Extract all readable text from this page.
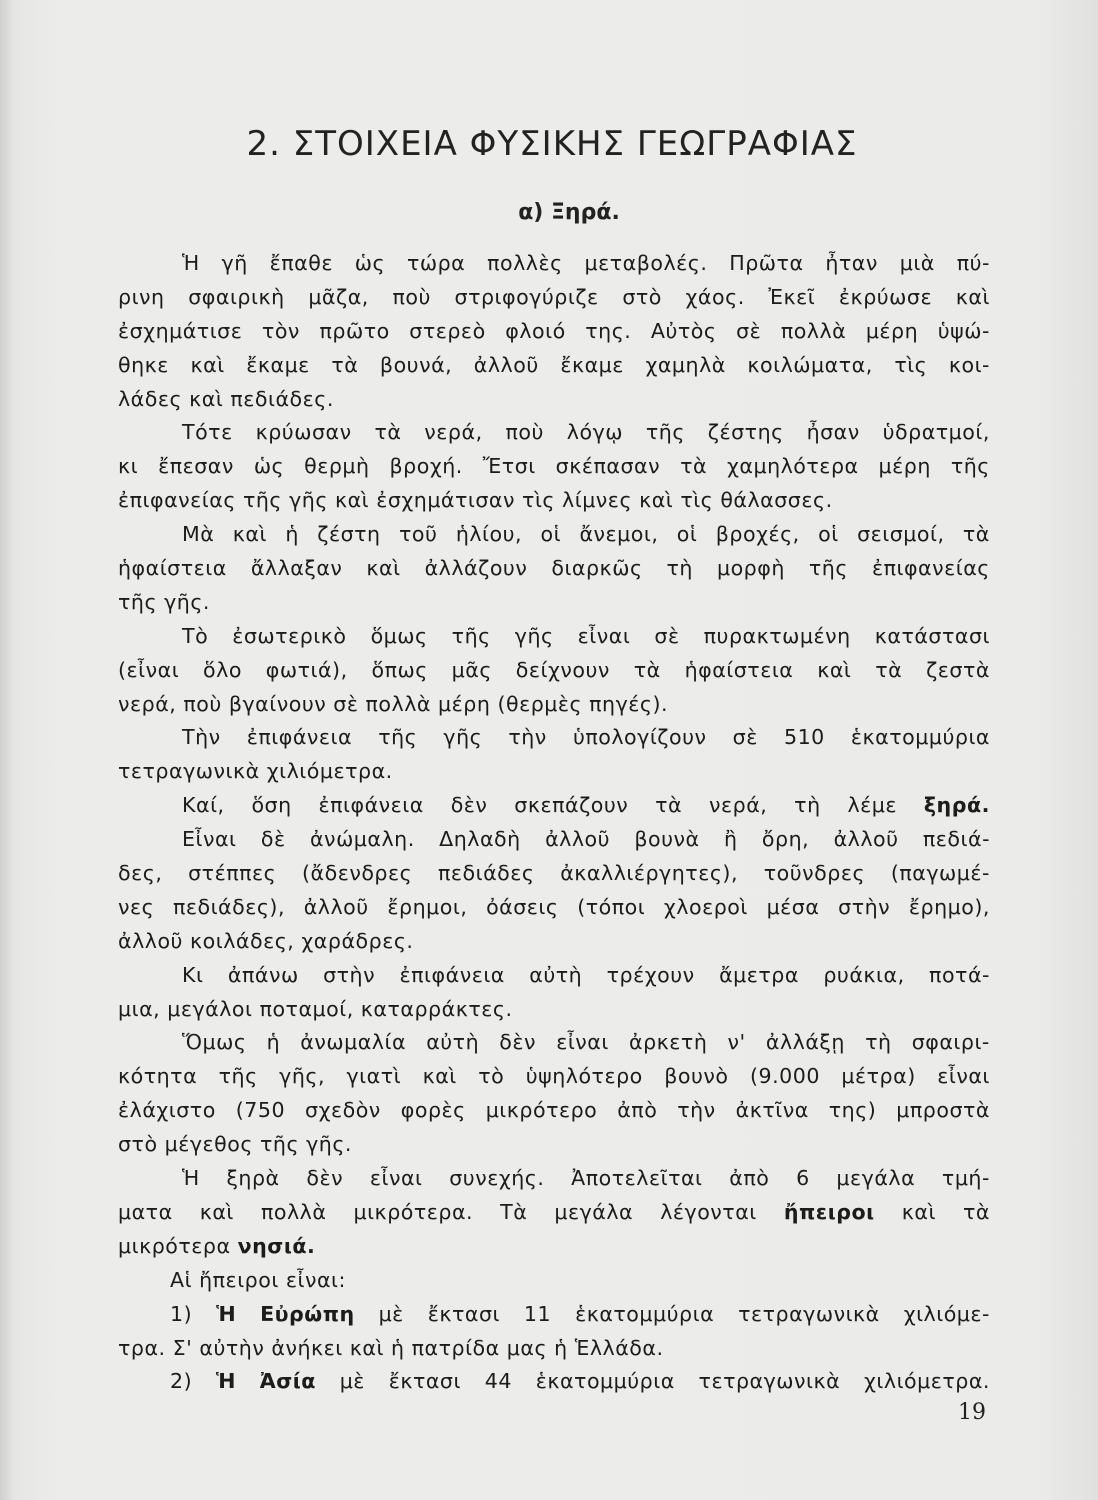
2. ΣΤΟΙΧΕΙΑ ΦΥΣΙΚΗΣ ΓΕΩΓΡΑΦΙΑΣ
α) Ξηρά.
Ἡ γῆ ἔπαθε ὡς τώρα πολλὲς μεταβολές. Πρῶτα ἦταν μιὰ πύ-
ρινη σφαιρικὴ μᾶζα, ποὺ στριφογύριζε στὸ χάος. Ἐκεῖ ἐκρύωσε καὶ
ἐσχημάτισε τὸν πρῶτο στερεὸ φλοιό της. Αὐτὸς σὲ πολλὰ μέρη ὑψώ-
θηκε καὶ ἔκαμε τὰ βουνά, ἀλλοῦ ἔκαμε χαμηλὰ κοιλώματα, τὶς κοι-
λάδες καὶ πεδιάδες.
Τότε κρύωσαν τὰ νερά, ποὺ λόγῳ τῆς ζέστης ἦσαν ὑδρατμοί,
κι ἔπεσαν ὡς θερμὴ βροχή. Ἔτσι σκέπασαν τὰ χαμηλότερα μέρη τῆς
ἐπιφανείας τῆς γῆς καὶ ἐσχημάτισαν τὶς λίμνες καὶ τὶς θάλασσες.
Μὰ καὶ ἡ ζέστη τοῦ ἡλίου, οἱ ἄνεμοι, οἱ βροχές, οἱ σεισμοί, τὰ
ἡφαίστεια ἄλλαξαν καὶ ἀλλάζουν διαρκῶς τὴ μορφὴ τῆς ἐπιφανείας
τῆς γῆς.
Τὸ ἐσωτερικὸ ὅμως τῆς γῆς εἶναι σὲ πυρακτωμένη κατάστασι
(εἶναι ὅλο φωτιά), ὅπως μᾶς δείχνουν τὰ ἡφαίστεια καὶ τὰ ζεστὰ
νερά, ποὺ βγαίνουν σὲ πολλὰ μέρη (θερμὲς πηγές).
Τὴν ἐπιφάνεια τῆς γῆς τὴν ὑπολογίζουν σὲ 510 ἑκατομμύρια
τετραγωνικὰ χιλιόμετρα.
Καί, ὅση ἐπιφάνεια δὲν σκεπάζουν τὰ νερά, τὴ λέμε ξηρά.
Εἶναι δὲ ἀνώμαλη. Δηλαδὴ ἀλλοῦ βουνὰ ἢ ὄρη, ἀλλοῦ πεδιά-
δες, στέππες (ἄδενδρες πεδιάδες ἀκαλλιέργητες), τοῦνδρες (παγωμέ-
νες πεδιάδες), ἀλλοῦ ἔρημοι, ὀάσεις (τόποι χλοεροὶ μέσα στὴν ἔρημο),
ἀλλοῦ κοιλάδες, χαράδρες.
Κι ἀπάνω στὴν ἐπιφάνεια αὐτὴ τρέχουν ἄμετρα ρυάκια, ποτά-
μια, μεγάλοι ποταμοί, καταρράκτες.
Ὅμως ἡ ἀνωμαλία αὐτὴ δὲν εἶναι ἀρκετὴ ν' ἀλλάξῃ τὴ σφαιρι-
κότητα τῆς γῆς, γιατὶ καὶ τὸ ὑψηλότερο βουνὸ (9.000 μέτρα) εἶναι
ἐλάχιστο (750 σχεδὸν φορὲς μικρότερο ἀπὸ τὴν ἀκτῖνα της) μπροστὰ
στὸ μέγεθος τῆς γῆς.
Ἡ ξηρὰ δὲν εἶναι συνεχής. Ἀποτελεῖται ἀπὸ 6 μεγάλα τμή-
ματα καὶ πολλὰ μικρότερα. Τὰ μεγάλα λέγονται ἤπειροι καὶ τὰ
μικρότερα νησιά.
Αἱ ἤπειροι εἶναι:
1) Ἡ Εὐρώπη μὲ ἔκτασι 11 ἑκατομμύρια τετραγωνικὰ χιλιόμε-
τρα. Σ' αὐτὴν ἀνήκει καὶ ἡ πατρίδα μας ἡ Ἑλλάδα.
2) Ἡ Ἀσία μὲ ἔκτασι 44 ἑκατομμύρια τετραγωνικὰ χιλιόμετρα.
19
